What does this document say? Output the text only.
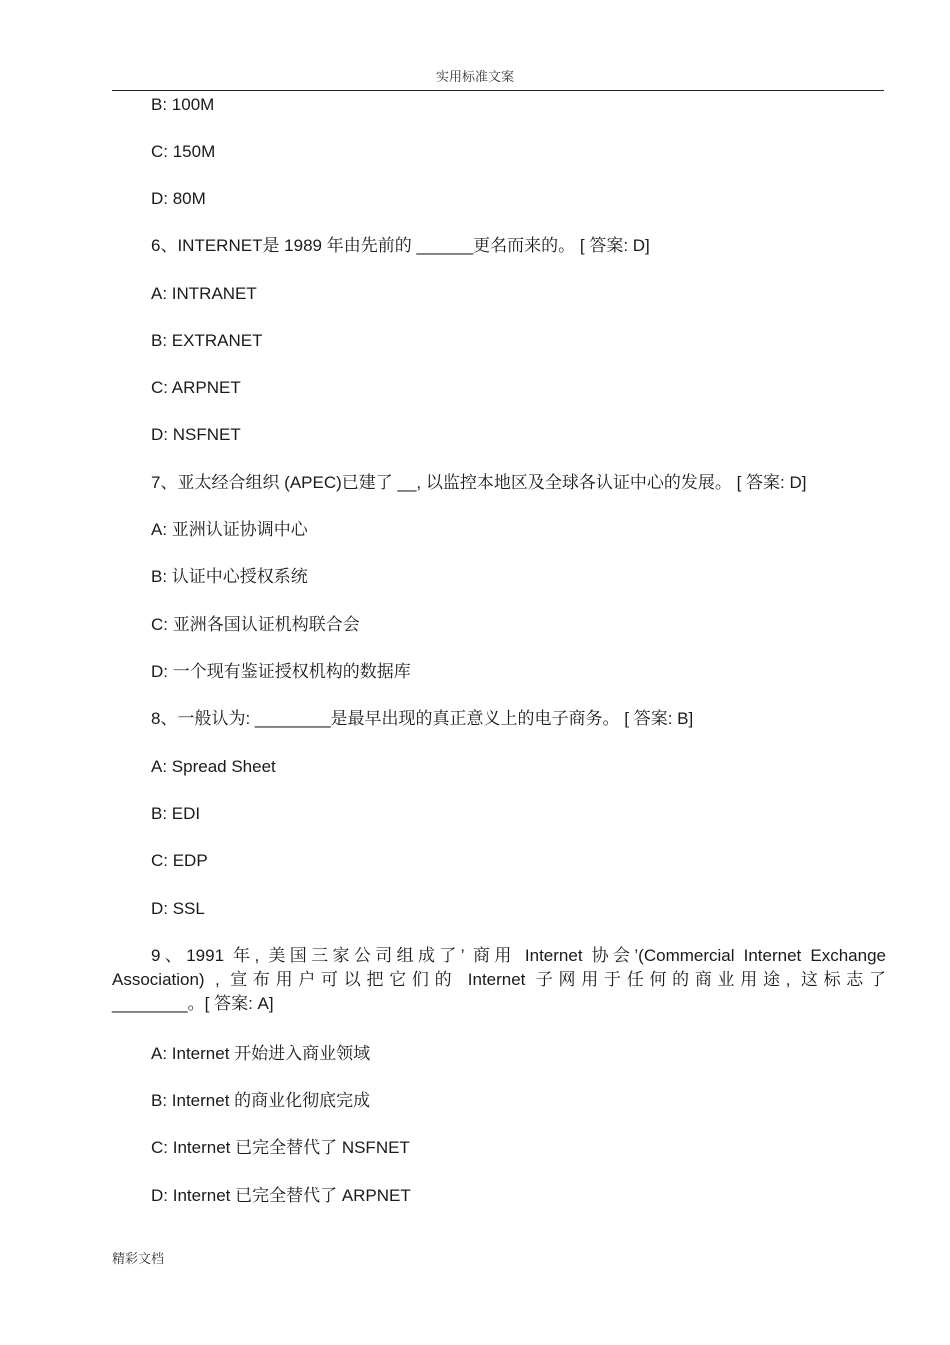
实用标准文案
B: 100M
C: 150M
D: 80M
6、INTERNET是 1989 年由先前的 ______更名而来的。 [ 答案: D]
A: INTRANET
B: EXTRANET
C: ARPNET
D: NSFNET
7、亚太经合组织 (APEC)已建了 __, 以监控本地区及全球各认证中心的发展。 [ 答案: D]
A: 亚洲认证协调中心
B: 认证中心授权系统
C: 亚洲各国认证机构联合会
D: 一个现有鉴证授权机构的数据库
8、一般认为: ________是最早出现的真正意义上的电子商务。 [ 答案: B]
A: Spread Sheet
B: EDI
C: EDP
D: SSL
9、1991 年, 美国三家公司组成了’ 商用 Internet 协会’(Commercial Internet Exchange
Association) , 宣布用户可以把它们的 Internet 子网用于任何的商业用途, 这标志了
________。[ 答案: A]
A: Internet 开始进入商业领域
B: Internet 的商业化彻底完成
C: Internet 已完全替代了 NSFNET
D: Internet 已完全替代了 ARPNET
精彩文档
